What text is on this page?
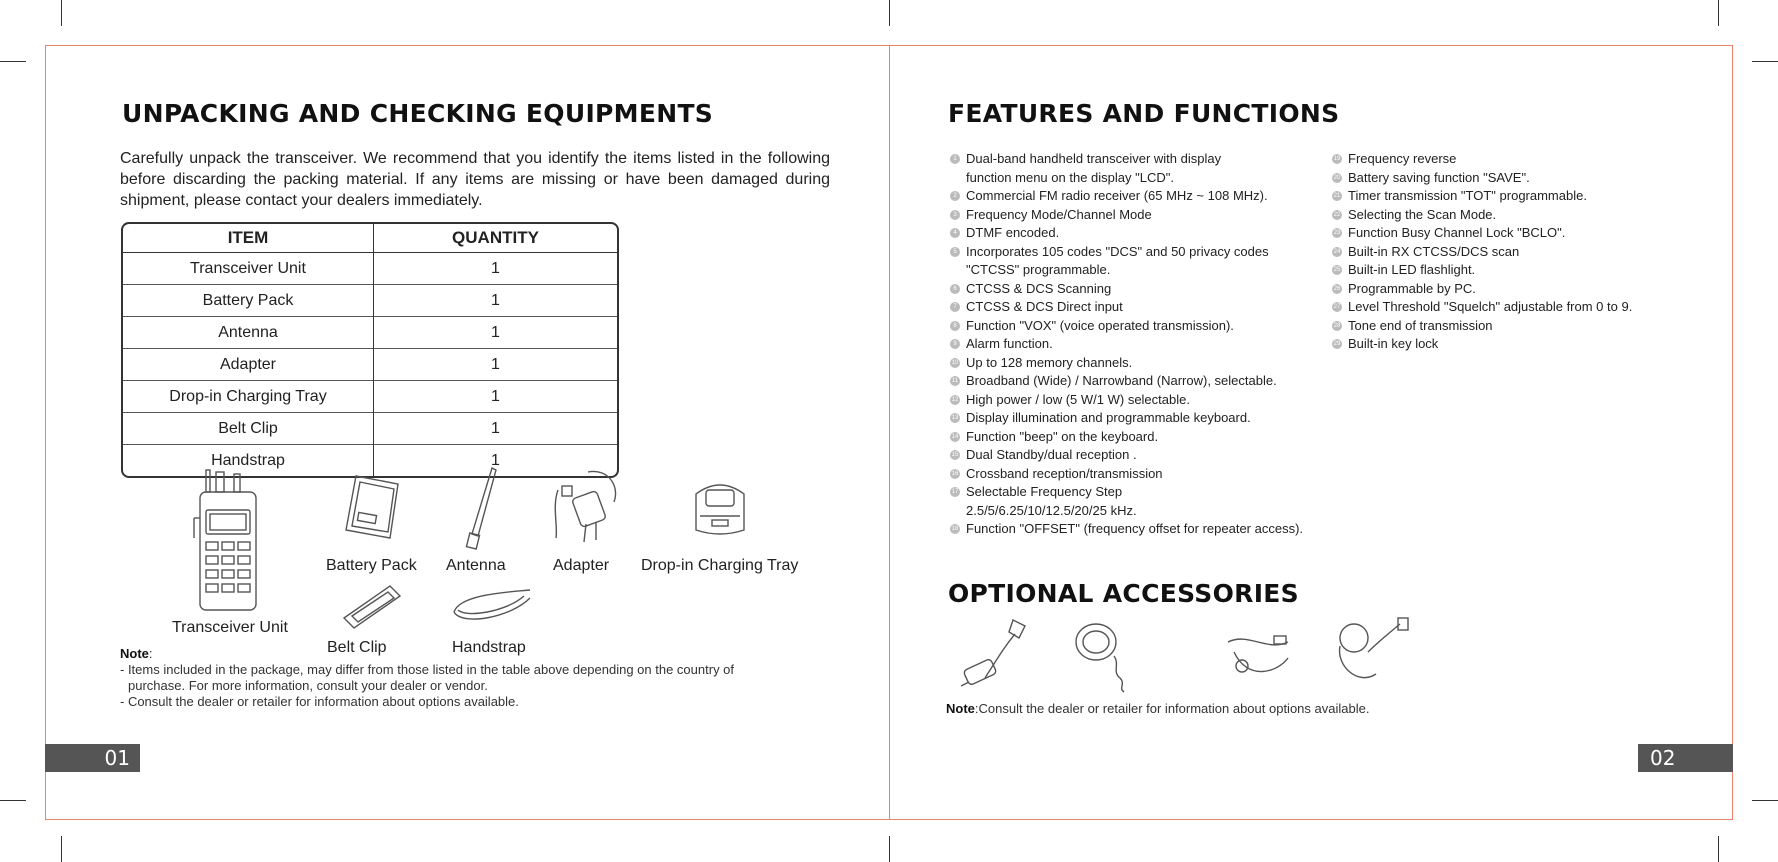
UNPACKING AND CHECKING EQUIPMENTS
Carefully unpack the transceiver. We recommend that you identify the items listed in the following before discarding the packing material. If any items are missing or have been damaged during shipment, please contact your dealers immediately.
ITEM	QUANTITY
Transceiver Unit	1
Battery Pack	1
Antenna	1
Adapter	1
Drop-in Charging Tray	1
Belt Clip	1
Handstrap	1
Transceiver Unit
Battery Pack Antenna	Adapter Drop-in Charging Tray
Belt Clip	Handstrap
Note:
- Items included in the package, may differ from those listed in the table above depending on the country of
purchase. For more information, consult your dealer or vendor.
- Consult the dealer or retailer for information about options available.
01
FEATURES AND FUNCTIONS
1 Dual-band handheld transceiver with display
function menu on the display "LCD".
2 Commercial FM radio receiver (65 MHz ~ 108 MHz).
3 Frequency Mode/Channel Mode
4 DTMF encoded.
5 Incorporates 105 codes "DCS" and 50 privacy codes
"CTCSS" programmable.
6 CTCSS & DCS Scanning
7 CTCSS & DCS Direct input
8 Function "VOX" (voice operated transmission).
9 Alarm function.
10 Up to 128 memory channels.
11 Broadband (Wide) / Narrowband (Narrow), selectable.
12 High power / low (5 W/1 W) selectable.
13 Display illumination and programmable keyboard.
14 Function "beep" on the keyboard.
15 Dual Standby/dual reception .
16 Crossband reception/transmission
17 Selectable Frequency Step
2.5/5/6.25/10/12.5/20/25 kHz.
18 Function "OFFSET" (frequency offset for repeater access).
19 Frequency reverse
20 Battery saving function "SAVE".
21 Timer transmission "TOT" programmable.
22 Selecting the Scan Mode.
23 Function Busy Channel Lock "BCLO".
24 Built-in RX CTCSS/DCS scan
25 Built-in LED flashlight.
26 Programmable by PC.
27 Level Threshold "Squelch" adjustable from 0 to 9.
28 Tone end of transmission
29 Built-in key lock
OPTIONAL ACCESSORIES
Note:Consult the dealer or retailer for information about options available.
02
